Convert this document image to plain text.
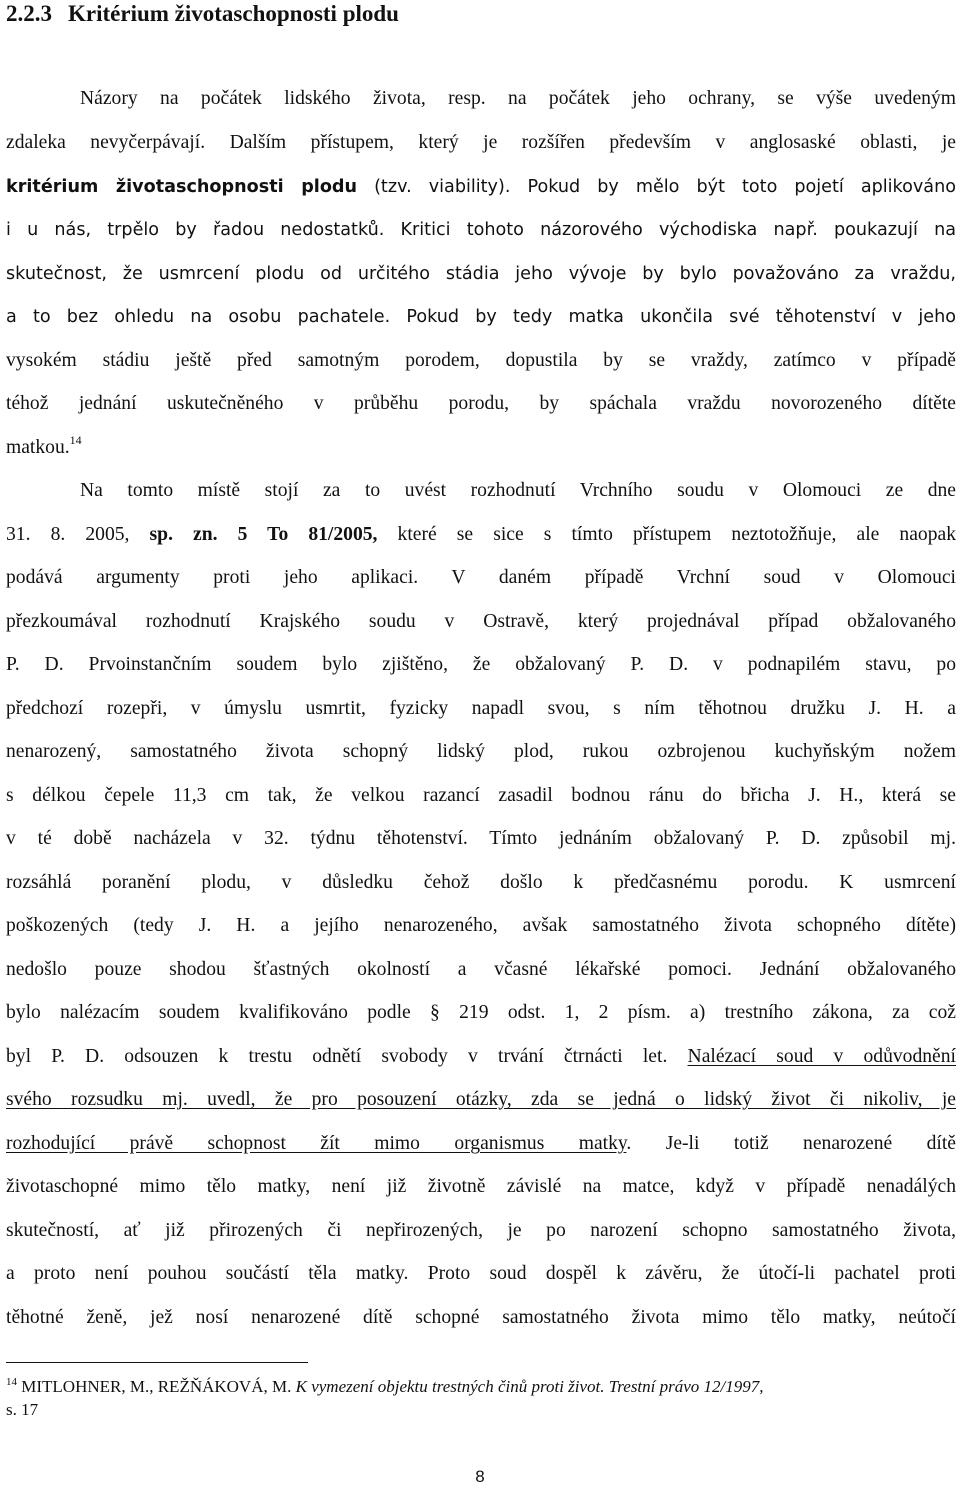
2.2.3 Kritérium životaschopnosti plodu
Názory na počátek lidského života, resp. na počátek jeho ochrany, se výše uvedeným
zdaleka nevyčerpávají. Dalším přístupem, který je rozšířen především v anglosaské oblasti, je
kritérium životaschopnosti plodu (tzv. viability). Pokud by mělo být toto pojetí aplikováno
i u nás, trpělo by řadou nedostatků. Kritici tohoto názorového východiska např. poukazují na
skutečnost, že usmrcení plodu od určitého stádia jeho vývoje by bylo považováno za vraždu,
a to bez ohledu na osobu pachatele. Pokud by tedy matka ukončila své těhotenství v jeho
vysokém stádiu ještě před samotným porodem, dopustila by se vraždy, zatímco v případě
téhož jednání uskutečněného v průběhu porodu, by spáchala vraždu novorozeného dítěte
matkou.$^{14}$
Na tomto místě stojí za to uvést rozhodnutí Vrchního soudu v Olomouci ze dne
31. 8. 2005, sp. zn. 5 To 81/2005, které se sice s tímto přístupem neztotožňuje, ale naopak
podává argumenty proti jeho aplikaci. V daném případě Vrchní soud v Olomouci
přezkoumával rozhodnutí Krajského soudu v Ostravě, který projednával případ obžalovaného
P. D. Prvoinstančním soudem bylo zjištěno, že obžalovaný P. D. v podnapilém stavu, po
předchozí rozepři, v úmyslu usmrtit, fyzicky napadl svou, s ním těhotnou družku J. H. a
nenarozený, samostatného života schopný lidský plod, rukou ozbrojenou kuchyňským nožem
s délkou čepele 11,3 cm tak, že velkou razancí zasadil bodnou ránu do břicha J. H., která se
v té době nacházela v 32. týdnu těhotenství. Tímto jednáním obžalovaný P. D. způsobil mj.
rozsáhlá poranění plodu, v důsledku čehož došlo k předčasnému porodu. K usmrcení
poškozených (tedy J. H. a jejího nenarozeného, avšak samostatného života schopného dítěte)
nedošlo pouze shodou šťastných okolností a včasné lékařské pomoci. Jednání obžalovaného
bylo nalézacím soudem kvalifikováno podle § 219 odst. 1, 2 písm. a) trestního zákona, za což
byl P. D. odsouzen k trestu odnětí svobody v trvání čtrnácti let. Nalézací soud v odůvodnění
svého rozsudku mj. uvedl, že pro posouzení otázky, zda se jedná o lidský život či nikoliv, je
rozhodující právě schopnost žít mimo organismus matky. Je-li totiž nenarozené dítě
životaschopné mimo tělo matky, není již životně závislé na matce, když v případě nenadálých
skutečností, ať již přirozených či nepřirozených, je po narození schopno samostatného života,
a proto není pouhou součástí těla matky. Proto soud dospěl k závěru, že útočí-li pachatel proti
těhotné ženě, jež nosí nenarozené dítě schopné samostatného života mimo tělo matky, neútočí
$^{14}$ MITLOHNER, M., REŽŇÁKOVÁ, M. K vymezení objektu trestných činů proti život. Trestní právo 12/1997,
s. 17
8
